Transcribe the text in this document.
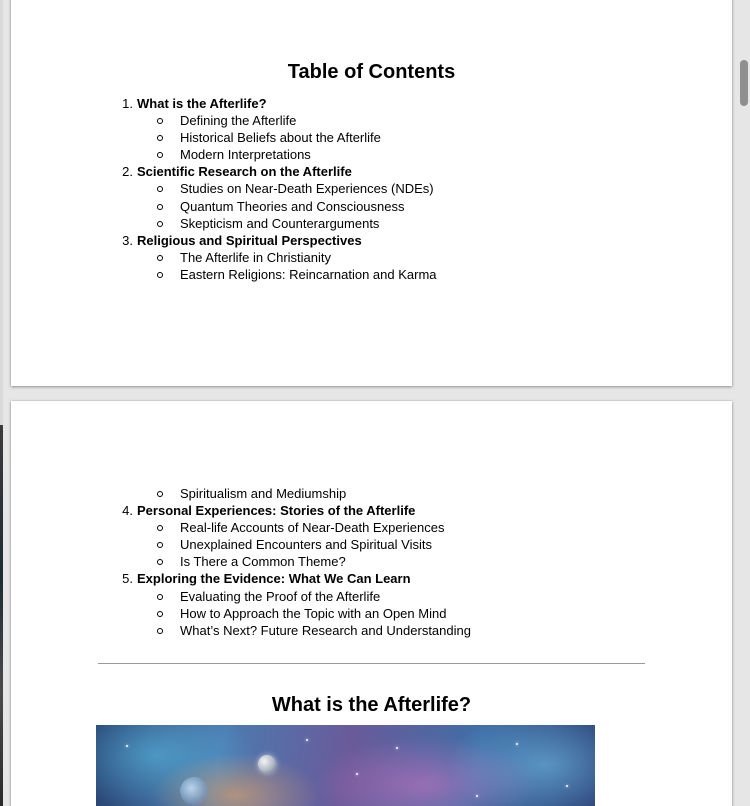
Table of Contents
1. What is the Afterlife?
Defining the Afterlife
Historical Beliefs about the Afterlife
Modern Interpretations
2. Scientific Research on the Afterlife
Studies on Near-Death Experiences (NDEs)
Quantum Theories and Consciousness
Skepticism and Counterarguments
3. Religious and Spiritual Perspectives
The Afterlife in Christianity
Eastern Religions: Reincarnation and Karma
Spiritualism and Mediumship
4. Personal Experiences: Stories of the Afterlife
Real-life Accounts of Near-Death Experiences
Unexplained Encounters and Spiritual Visits
Is There a Common Theme?
5. Exploring the Evidence: What We Can Learn
Evaluating the Proof of the Afterlife
How to Approach the Topic with an Open Mind
What’s Next? Future Research and Understanding
What is the Afterlife?
